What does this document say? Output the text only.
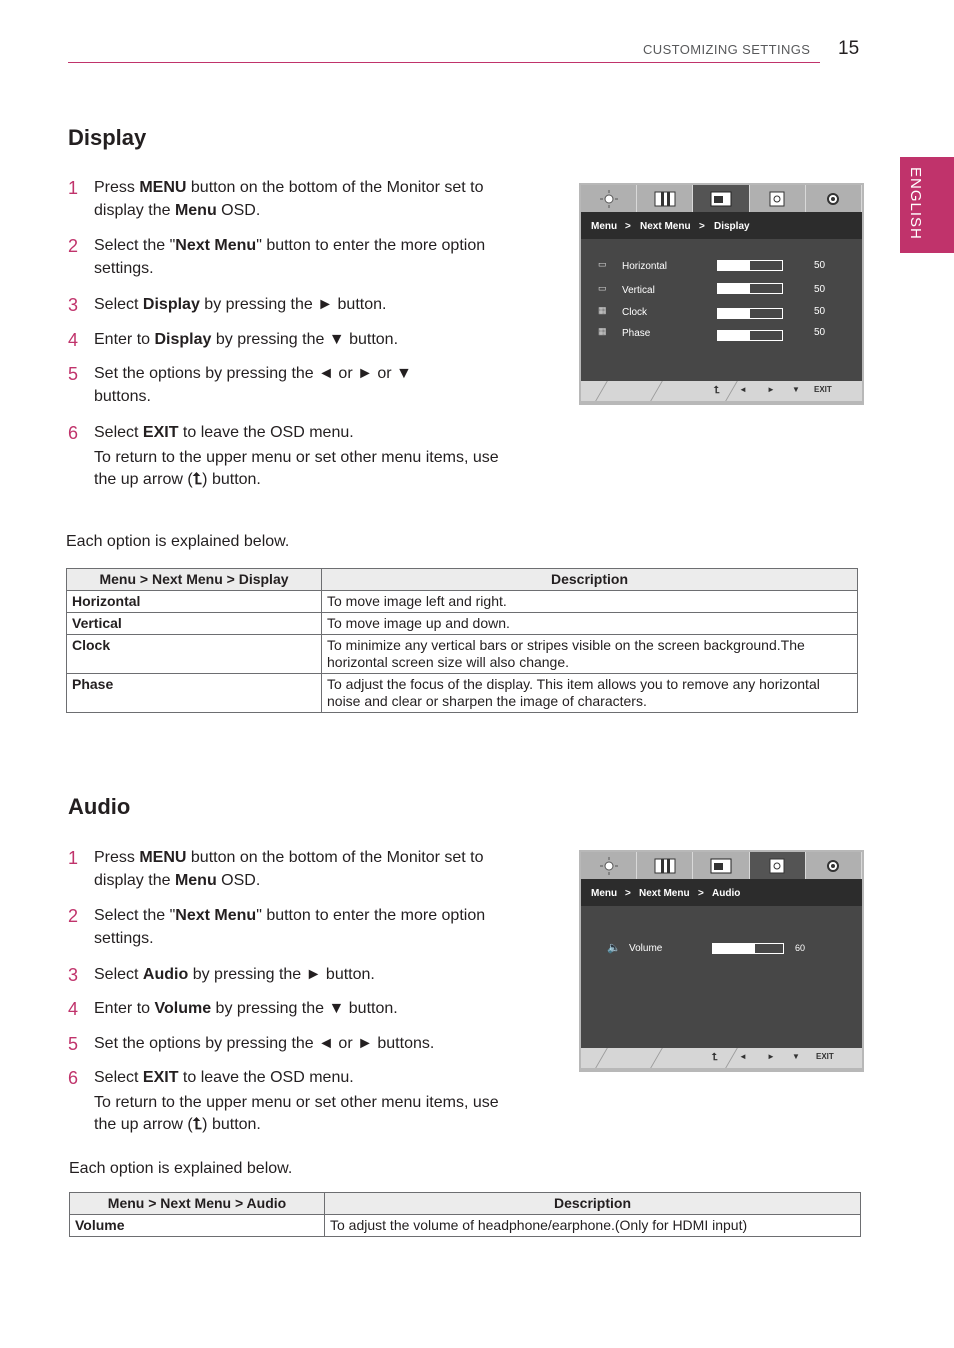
CUSTOMIZING SETTINGS 15
ENGLISH
Display
1 Press MENU button on the bottom of the Monitor set to display the Menu OSD.
2 Select the "Next Menu" button to enter the more option settings.
3 Select Display by pressing the ► button.
4 Enter to Display by pressing the ▼ button.
5 Set the options by pressing the ◄ or ► or ▼ buttons.
6 Select EXIT to leave the OSD menu.
To return to the upper menu or set other menu items, use the up arrow (⮤) button.
Menu > Next Menu > Display
▭ Horizontal	50
▭ Vertical	50
▦ Clock	50
▦ Phase	50
⮤ ◄	► ▼ EXIT
Each option is explained below.
Menu > Next Menu > Display	Description
Horizontal	To move image left and right.
Vertical	To move image up and down.
Clock	To minimize any vertical bars or stripes visible on the screen background.The horizontal screen size will also change.
Phase	To adjust the focus of the display. This item allows you to remove any horizontal noise and clear or sharpen the image of characters.
Audio
1 Press MENU button on the bottom of the Monitor set to display the Menu OSD.
2 Select the "Next Menu" button to enter the more option settings.
3 Select Audio by pressing the ► button.
4 Enter to Volume by pressing the ▼ button.
5 Set the options by pressing the ◄ or ► buttons.
6 Select EXIT to leave the OSD menu.
To return to the upper menu or set other menu items, use the up arrow (⮤) button.
Menu > Next Menu > Audio
🔈 Volume	60
⮤	◄	► ▼ EXIT
Each option is explained below.
Menu > Next Menu > Audio	Description
Volume	To adjust the volume of headphone/earphone.(Only for HDMI input)
